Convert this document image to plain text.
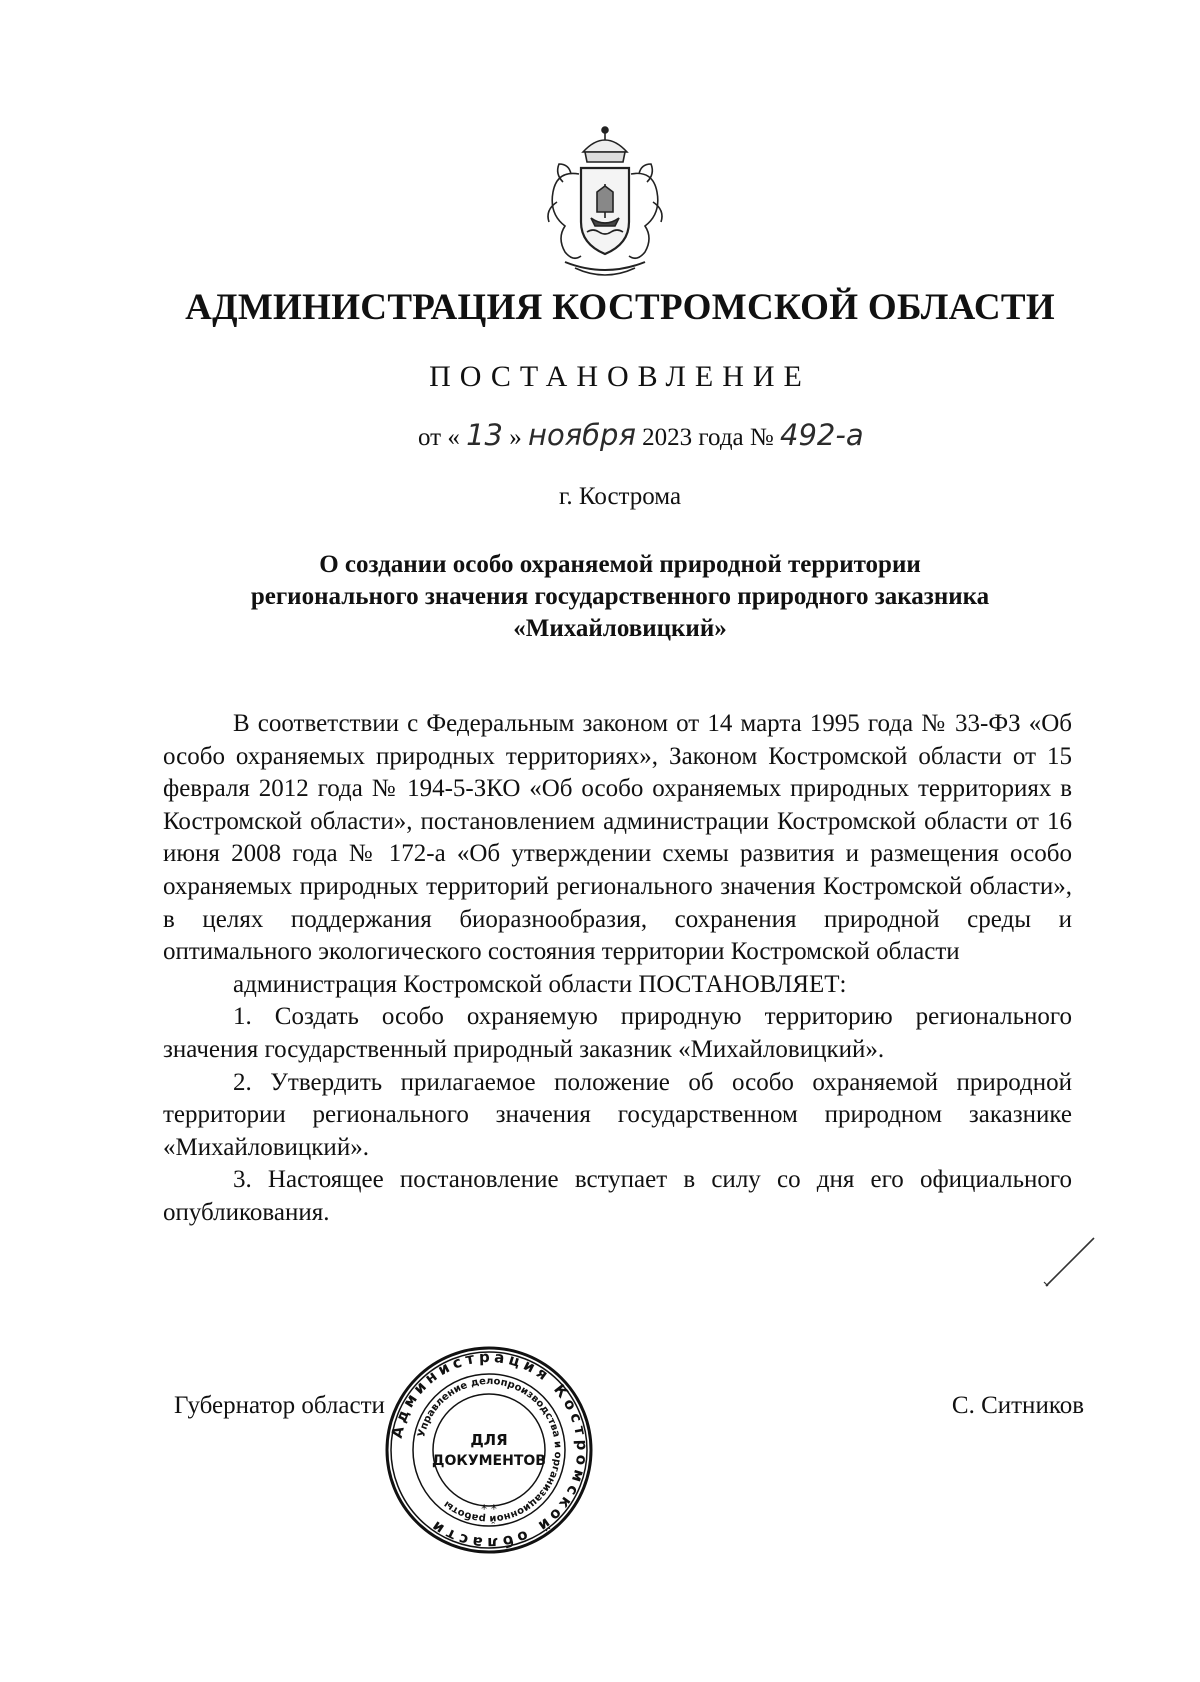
АДМИНИСТРАЦИЯ КОСТРОМСКОЙ ОБЛАСТИ
ПОСТАНОВЛЕНИЕ
от « 13 » ноября 2023 года № 492-а
г. Кострома
О создании особо охраняемой природной территории
регионального значения государственного природного заказника
«Михайловицкий»

В соответствии с Федеральным законом от 14 марта 1995 года № 33-ФЗ «Об особо охраняемых природных территориях», Законом Костромской области от 15 февраля 2012 года № 194-5-ЗКО «Об особо охраняемых природных территориях в Костромской области», постановлением администрации Костромской области от 16 июня 2008 года № 172-а «Об утверждении схемы развития и размещения особо охраняемых природных территорий регионального значения Костромской области», в целях поддержания биоразнообразия, сохранения природной среды и оптимального экологического состояния территории Костромской области

администрация Костромской области ПОСТАНОВЛЯЕТ:

1. Создать особо охраняемую природную территорию регионального значения государственный природный заказник «Михайловицкий».

2. Утвердить прилагаемое положение об особо охраняемой природной территории регионального значения государственном природном заказнике «Михайловицкий».

3. Настоящее постановление вступает в силу со дня его официального опубликования.

Губернатор области	С. Ситников
Администрация Костромской области
Управление делопроизводства и организационной работы
ДЛЯ
ДОКУМЕНТОВ
* *
